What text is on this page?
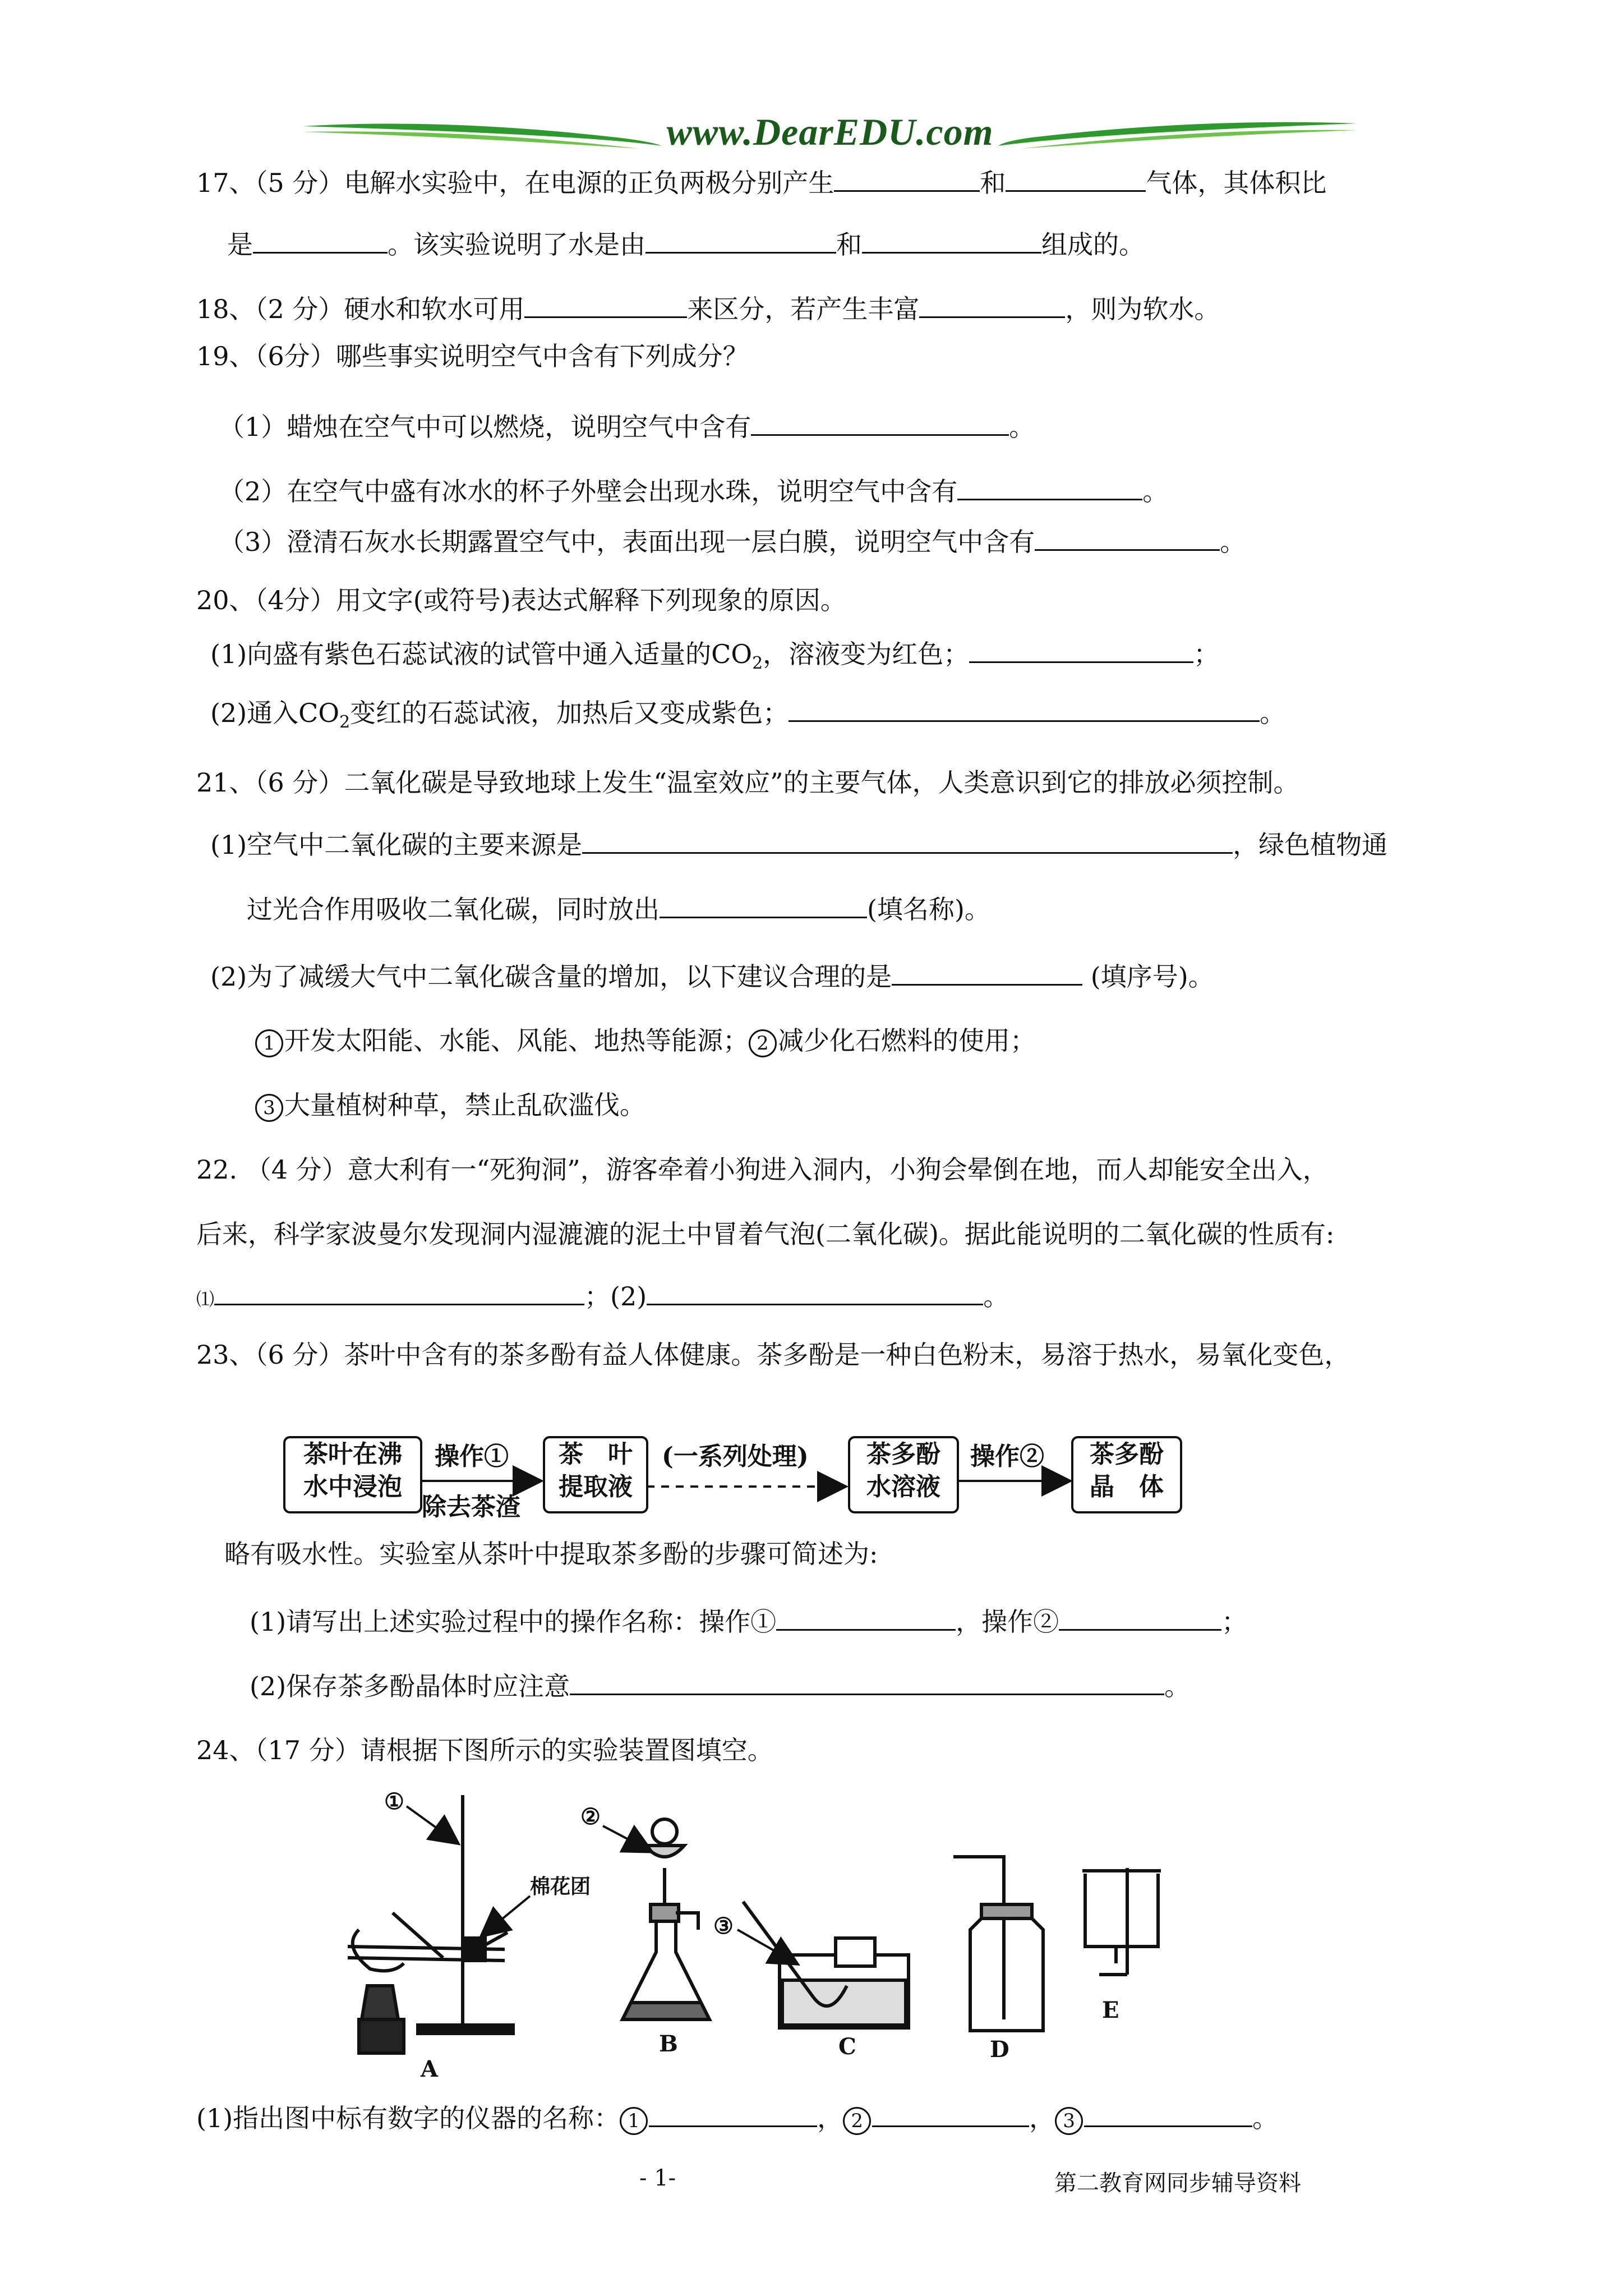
www.DearEDU.com
17、（5 分）电解水实验中，在电源的正负两极分别产生	和	气体，其体积比
是	。该实验说明了水是由	和	组成的。
18、（2 分）硬水和软水可用	来区分，若产生丰富	，则为软水。
19、（6分）哪些事实说明空气中含有下列成分？
（1）蜡烛在空气中可以燃烧，说明空气中含有	。
（2）在空气中盛有冰水的杯子外壁会出现水珠，说明空气中含有	。
（3）澄清石灰水长期露置空气中，表面出现一层白膜，说明空气中含有	。
20、（4分）用文字(或符号)表达式解释下列现象的原因。
(1)向盛有紫色石蕊试液的试管中通入适量的$CO_2$，溶液变为红色；	；
(2)通入$CO_2$变红的石蕊试液，加热后又变成紫色；	。
21、（6 分）二氧化碳是导致地球上发生“温室效应”的主要气体，人类意识到它的排放必须控制。
(1)空气中二氧化碳的主要来源是	，绿色植物通
过光合作用吸收二氧化碳，同时放出	(填名称)。
(2)为了减缓大气中二氧化碳含量的增加，以下建议合理的是	(填序号)。
1 开发太阳能、水能、风能、地热等能源； 2 减少化石燃料的使用；
3 大量植树种草，禁止乱砍滥伐。
22. （4 分）意大利有一“死狗洞”，游客牵着小狗进入洞内，小狗会晕倒在地，而人却能安全出入，
后来，科学家波曼尔发现洞内湿漉漉的泥土中冒着气泡(二氧化碳)。据此能说明的二氧化碳的性质有:
⑴	；(2)	。
23、（6 分）茶叶中含有的茶多酚有益人体健康。茶多酚是一种白色粉末，易溶于热水，易氧化变色，
茶叶在沸
水中浸泡
操作①
除去茶渣
茶　叶
提取液
(一系列处理)	茶多酚
水溶液
操作②	茶多酚
晶　体
略有吸水性。实验室从茶叶中提取茶多酚的步骤可简述为:
(1)请写出上述实验过程中的操作名称：操作①	，操作②	；
(2)保存茶多酚晶体时应注意	。
24、（17 分）请根据下图所示的实验装置图填空。
①
②
③
棉花团
A
B	C	D
E
(1)指出图中标有数字的仪器的名称： 1	， 2	， 3	。
- 1-	第二教育网同步辅导资料
